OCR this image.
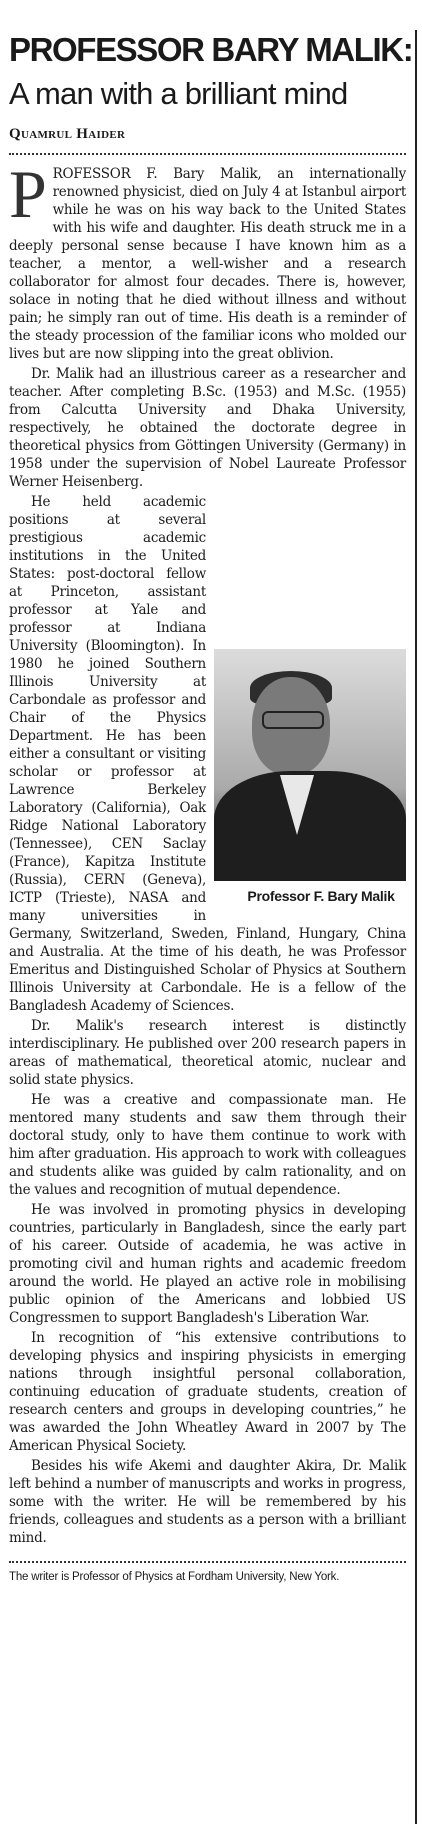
PROFESSOR BARY MALIK:
A man with a brilliant mind
Quamrul Haider

PROFESSOR F. Bary Malik, an internationally renowned physicist, died on July 4 at Istanbul airport while he was on his way back to the United States with his wife and daughter. His death struck me in a deeply personal sense because I have known him as a teacher, a mentor, a well-wisher and a research collaborator for almost four decades. There is, however, solace in noting that he died without illness and without pain; he simply ran out of time. His death is a reminder of the steady procession of the familiar icons who molded our lives but are now slipping into the great oblivion.

Dr. Malik had an illustrious career as a researcher and teacher. After completing B.Sc. (1953) and M.Sc. (1955) from Calcutta University and Dhaka University, respectively, he obtained the doctorate degree in theoretical physics from Göttingen University (Germany) in 1958 under the supervision of Nobel Laureate Professor Werner Heisenberg.

Professor F. Bary Malik
He held academic positions at several prestigious academic institutions in the United States: post-doctoral fellow at Princeton, assistant professor at Yale and professor at Indiana University (Bloomington). In 1980 he joined Southern Illinois University at Carbondale as professor and Chair of the Physics Department. He has been either a consultant or visiting scholar or professor at Lawrence Berkeley Laboratory (California), Oak Ridge National Laboratory (Tennessee), CEN Saclay (France), Kapitza Institute (Russia), CERN (Geneva), ICTP (Trieste), NASA and many universities in Germany, Switzerland, Sweden, Finland, Hungary, China and Australia. At the time of his death, he was Professor Emeritus and Distinguished Scholar of Physics at Southern Illinois University at Carbondale. He is a fellow of the Bangladesh Academy of Sciences.

Dr. Malik's research interest is distinctly interdisciplinary. He published over 200 research papers in areas of mathematical, theoretical atomic, nuclear and solid state physics.

He was a creative and compassionate man. He mentored many students and saw them through their doctoral study, only to have them continue to work with him after graduation. His approach to work with colleagues and students alike was guided by calm rationality, and on the values and recognition of mutual dependence.

He was involved in promoting physics in developing countries, particularly in Bangladesh, since the early part of his career. Outside of academia, he was active in promoting civil and human rights and academic freedom around the world. He played an active role in mobilising public opinion of the Americans and lobbied US Congressmen to support Bangladesh's Liberation War.

In recognition of “his extensive contributions to developing physics and inspiring physicists in emerging nations through insightful personal collaboration, continuing education of graduate students, creation of research centers and groups in developing countries,” he was awarded the John Wheatley Award in 2007 by The American Physical Society.

Besides his wife Akemi and daughter Akira, Dr. Malik left behind a number of manuscripts and works in progress, some with the writer. He will be remembered by his friends, colleagues and students as a person with a brilliant mind.

The writer is Professor of Physics at Fordham University, New York.
